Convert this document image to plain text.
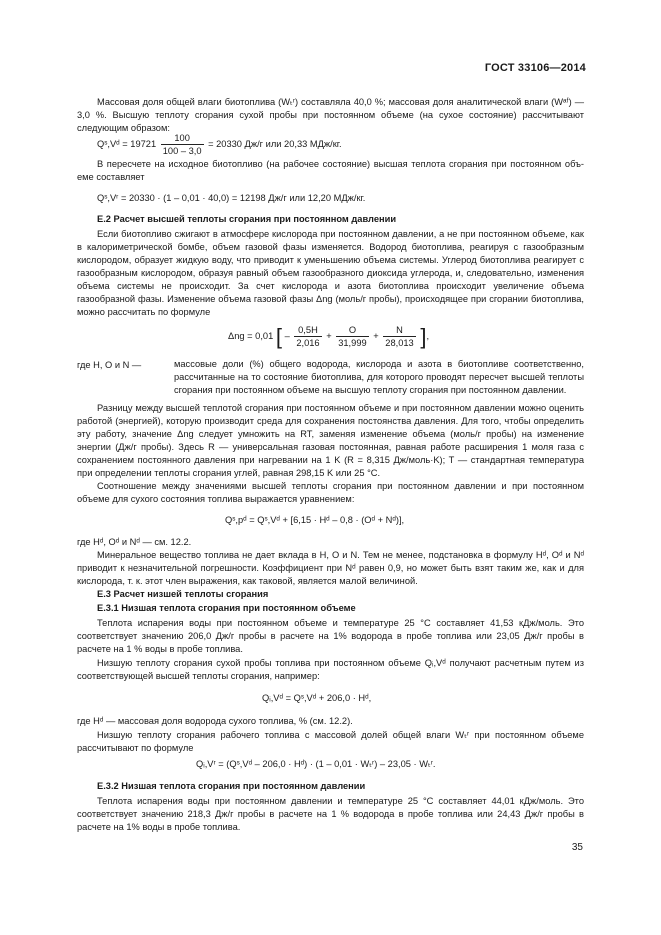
ГОСТ 33106—2014
Массовая доля общей влаги биотоплива (Wₜʳ) составляла 40,0 %; массовая доля аналитической влаги (Wᵃᶠ) — 3,0 %. Высшую теплоту сгорания сухой пробы при постоянном объеме (на сухое состояние) рассчитывают следующим образом:
Qˢ,Vᵈ = $19721 \frac{100}{100 - 3,0} = 20330$ Дж/г или 20,33 МДж/кг.
В пересчете на исходное биотопливо (на рабочее состояние) высшая теплота сгорания при постоянном объ- еме составляет
Qˢ,Vʳ = 20330 · (1 – 0,01 · 40,0) = 12198 Дж/г или 12,20 МДж/кг.
Е.2 Расчет высшей теплоты сгорания при постоянном давлении
Если биотопливо сжигают в атмосфере кислорода при постоянном давлении, а не при постоянном объеме, как в калориметрической бомбе, объем газовой фазы изменяется. Водород биотоплива, реагируя с газообразным кислородом, образует жидкую воду, что приводит к уменьшению объема системы. Углерод биотоплива реагирует с газообразным кислородом, образуя равный объем газообразного диоксида углерода, и, следовательно, изменения объема системы не происходит. За счет кислорода и азота биотоплива происходит увеличение объема газообразной фазы. Изменение объема газовой фазы Δnɡ (моль/г пробы), происходящее при сгорании биотоплива, можно рассчитать по формуле
Δnɡ = 0,01 [ – $\frac{0,5H}{2,016} + \frac{O}{31,999} + \frac{N}{28,013}$ ],
где H, O и N —	массовые доли (%) общего водорода, кислорода и азота в биотопливе соответственно, рассчитанные на то состояние биотоплива, для которого проводят пересчет высшей теплоты сгорания при постоянном объеме на высшую теплоту сгорания при постоянном давлении.
Разницу между высшей теплотой сгорания при постоянном объеме и при постоянном давлении можно оценить работой (энергией), которую производит среда для сохранения постоянства давления. Для того, чтобы определить эту работу, значение Δnɡ следует умножить на RT, заменяя изменение объема (моль/г пробы) на изменение энергии (Дж/г пробы). Здесь R — универсальная газовая постоянная, равная работе расширения 1 моля газа с сохранением постоянного давления при нагревании на 1 K (R = 8,315 Дж/моль·K); T — стандартная температура при определении теплоты сгорания углей, равная 298,15 K или 25 °C.
Соотношение между значениями высшей теплоты сгорания при постоянном давлении и при постоянном объеме для сухого состояния топлива выражается уравнением:
Qˢ,pᵈ = Qˢ,Vᵈ + [6,15 · Hᵈ – 0,8 · (Oᵈ + Nᵈ)],
где Hᵈ, Oᵈ и Nᵈ — см. 12.2.
Минеральное вещество топлива не дает вклада в H, O и N. Тем не менее, подстановка в формулу Hᵈ, Oᵈ и Nᵈ приводит к незначительной погрешности. Коэффициент при Nᵈ равен 0,9, но может быть взят таким же, как и для кислорода, т. к. этот член выражения, как таковой, является малой величиной.
Е.3 Расчет низшей теплоты сгорания
Е.3.1 Низшая теплота сгорания при постоянном объеме
Теплота испарения воды при постоянном объеме и температуре 25 °C составляет 41,53 кДж/моль. Это соответствует значению 206,0 Дж/г пробы в расчете на 1% водорода в пробе топлива или 23,05 Дж/г пробы в расчете на 1 % воды в пробе топлива.
Низшую теплоту сгорания сухой пробы топлива при постоянном объеме Qᵢ,Vᵈ получают расчетным путем из соответствующей высшей теплоты сгорания, например:
Qᵢ,Vᵈ = Qˢ,Vᵈ + 206,0 · Hᵈ,
где Hᵈ — массовая доля водорода сухого топлива, % (см. 12.2).
Низшую теплоту сгорания рабочего топлива с массовой долей общей влаги Wₜʳ при постоянном объеме рассчитывают по формуле
Qᵢ,Vʳ = (Qˢ,Vᵈ – 206,0 · Hᵈ) · (1 – 0,01 · Wₜʳ) – 23,05 · Wₜʳ.
Е.3.2 Низшая теплота сгорания при постоянном давлении
Теплота испарения воды при постоянном давлении и температуре 25 °C составляет 44,01 кДж/моль. Это соответствует значению 218,3 Дж/г пробы в расчете на 1 % водорода в пробе топлива или 24,43 Дж/г пробы в расчете на 1% воды в пробе топлива.
35
